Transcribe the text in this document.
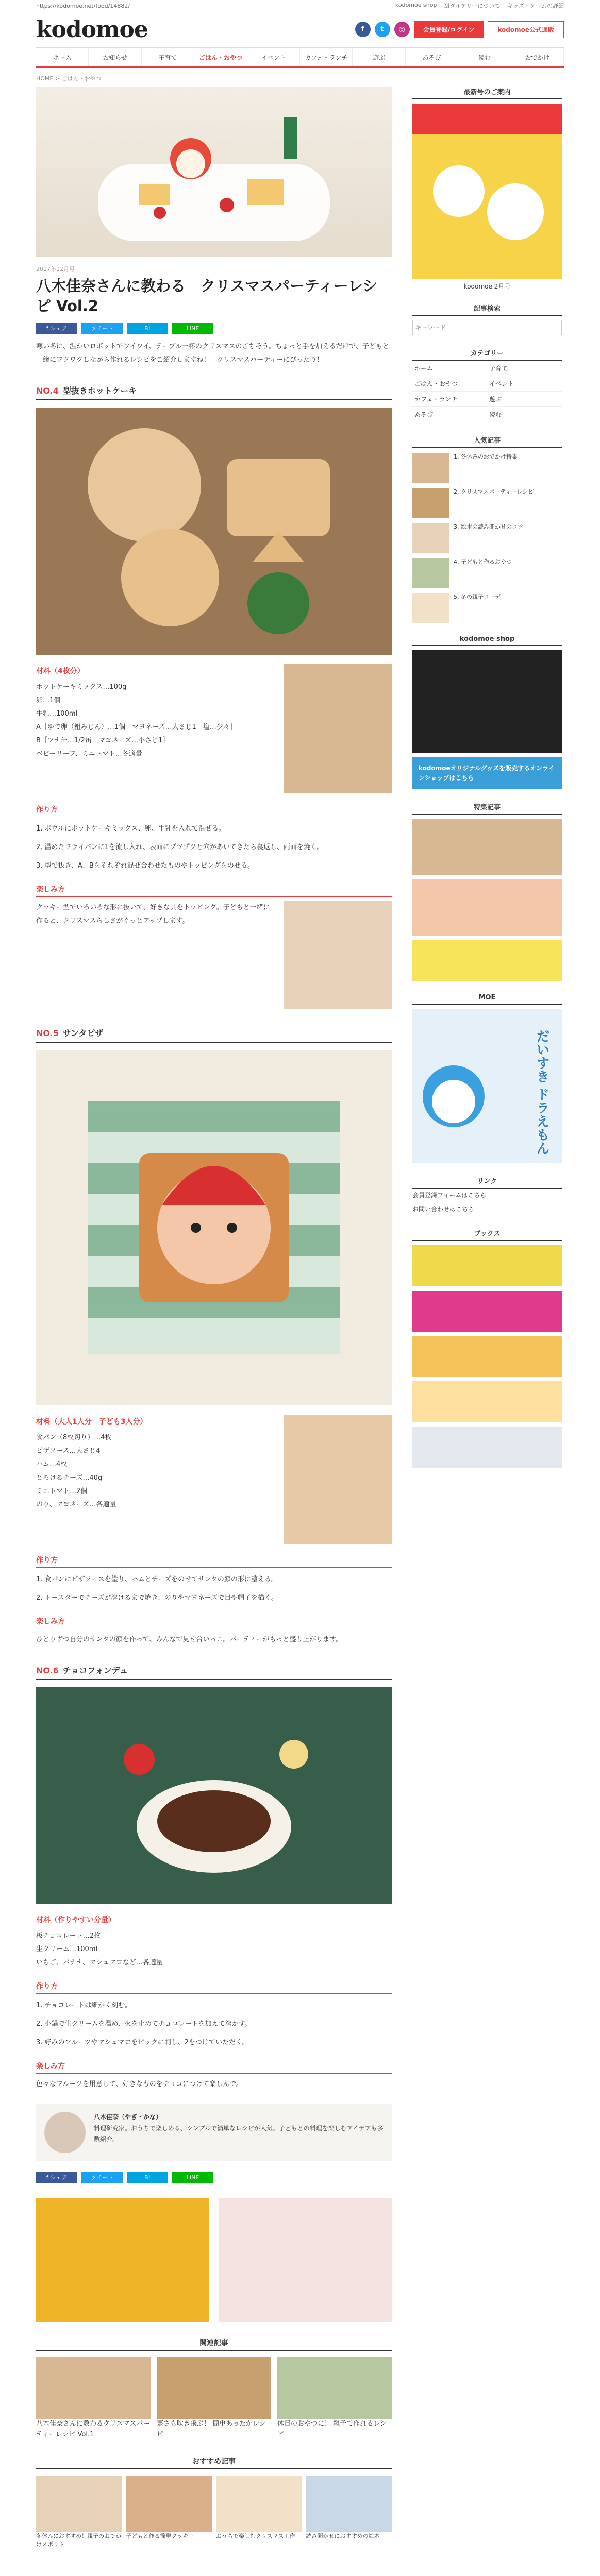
https://kodomoe.net/food/14882/	kodomoe shop Ｍダイアリーについて キッズ・ゲームの詳細
kodomoe	f	t	◎	会員登録/ログイン	kodomoe公式通販
ホーム	お知らせ	子育て	ごはん・おやつ	イベント	カフェ・ランチ	遊ぶ	あそび	読む	おでかけ
HOME > ごはん・おやつ
2017年12月号
八木佳奈さんに教わる　クリスマスパーティーレシピ Vol.2
f シェア	ツイート	B!	LINE

寒い冬に、温かいロボットでワイワイ、テーブル一杯のクリスマスのごちそう。ちょっと手を加えるだけで、子どもと一緒にワクワクしながら作れるレシピをご紹介しますね！　クリスマスパーティーにぴったり！

NO.4 型抜きホットケーキ
材料（4枚分）
ホットケーキミックス…100g
卵…1個
牛乳…100ml
A［ゆで卵（粗みじん）…1個　マヨネーズ…大さじ1　塩…少々］
B［ツナ缶…1/2缶　マヨネーズ…小さじ1］
ベビーリーフ、ミニトマト…各適量
作り方

1. ボウルにホットケーキミックス、卵、牛乳を入れて混ぜる。

2. 温めたフライパンに1を流し入れ、表面にプツプツと穴があいてきたら裏返し、両面を焼く。

3. 型で抜き、A、Bをそれぞれ混ぜ合わせたものやトッピングをのせる。

楽しみ方

クッキー型でいろいろな形に抜いて、好きな具をトッピング。子どもと一緒に作ると、クリスマスらしさがぐっとアップします。

NO.5 サンタピザ
材料（大人1人分　子ども3人分）
食パン（8枚切り）…4枚
ピザソース…大さじ4
ハム…4枚
とろけるチーズ…40g
ミニトマト…2個
のり、マヨネーズ…各適量
作り方

1. 食パンにピザソースを塗り、ハムとチーズをのせてサンタの顔の形に整える。

2. トースターでチーズが溶けるまで焼き、のりやマヨネーズで目や帽子を描く。

楽しみ方

ひとりずつ自分のサンタの顔を作って、みんなで見せ合いっこ。パーティーがもっと盛り上がります。

NO.6 チョコフォンデュ
材料（作りやすい分量）
板チョコレート…2枚
生クリーム…100ml
いちご、バナナ、マシュマロなど…各適量
作り方

1. チョコレートは細かく刻む。

2. 小鍋で生クリームを温め、火を止めてチョコレートを加えて溶かす。

3. 好みのフルーツやマシュマロをピックに刺し、2をつけていただく。

楽しみ方

色々なフルーツを用意して、好きなものをチョコにつけて楽しんで。

八木佳奈（やぎ・かな）

料理研究家。おうちで楽しめる、シンプルで簡単なレシピが人気。子どもとの料理を楽しむアイデアも多数紹介。

f シェア	ツイート	B!	LINE
関連記事
八木佳奈さんに教わるクリスマスパーティーレシピ Vol.1
寒さも吹き飛ぶ！ 簡単あったかレシピ
休日のおやつに！ 親子で作れるレシピ
おすすめ記事
冬休みにおすすめ！親子のおでかけスポット
子どもと作る簡単クッキー	おうちで楽しむクリスマス工作	読み聞かせにおすすめの絵本
最新号のご案内
kodomoe 2月号
記事検索
キーワード
カテゴリー
ホーム	子育て
ごはん・おやつ	イベント
カフェ・ランチ	遊ぶ
あそび	読む
人気記事
1. 冬休みのおでかけ特集
2. クリスマスパーティーレシピ
3. 絵本の読み聞かせのコツ
4. 子どもと作るおやつ
5. 冬の親子コーデ
kodomoe shop
kodomoeオリジナルグッズを販売するオンラインショップはこちら
特集記事
MOE
だいすき ドラえもん
リンク
会員登録フォームはこちら
お問い合わせはこちら
ブックス
